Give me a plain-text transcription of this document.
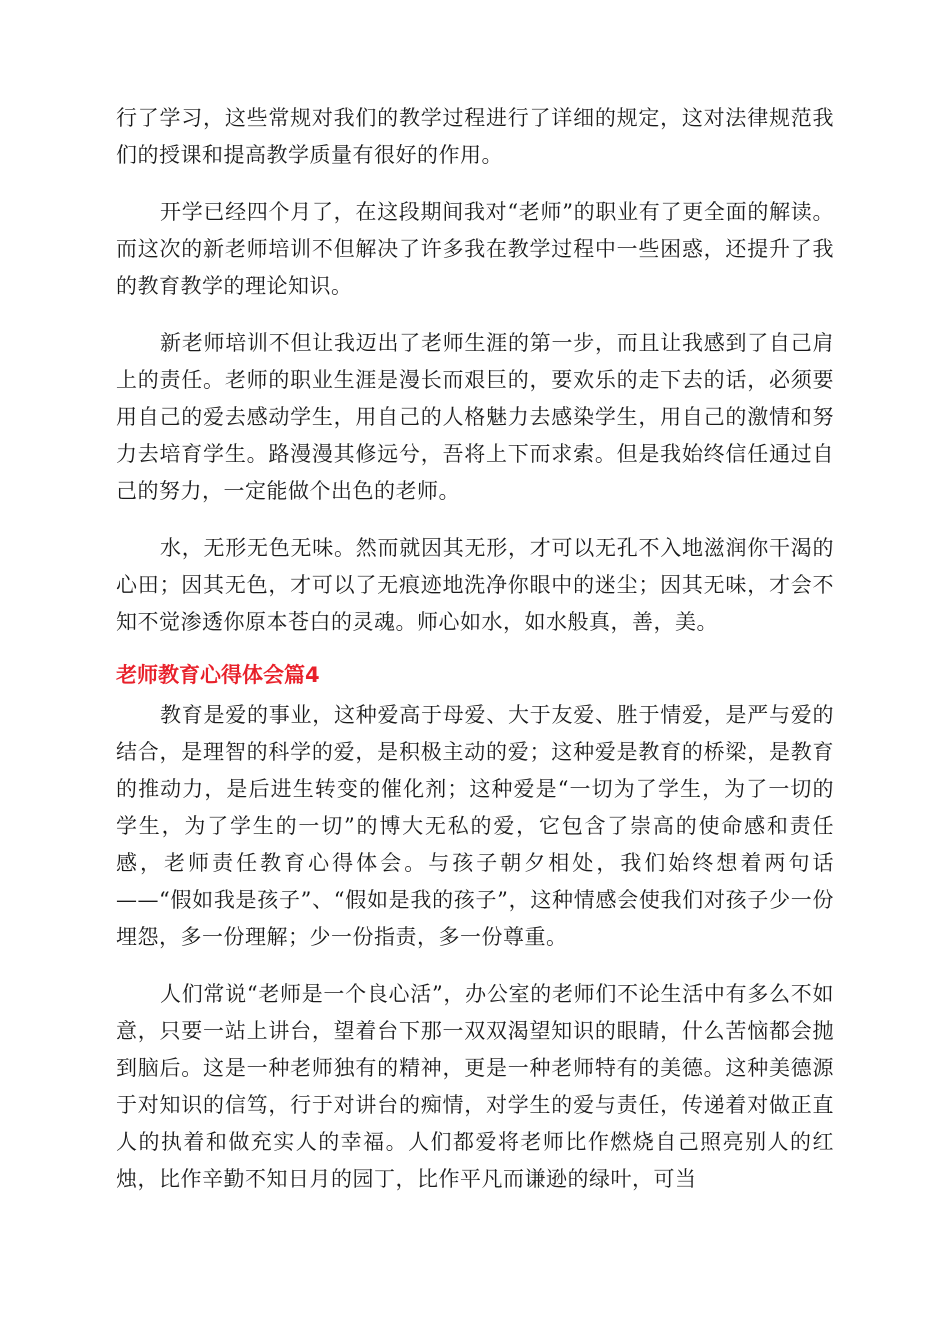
行了学习，这些常规对我们的教学过程进行了详细的规定，这对法律规范我们的授课和提高教学质量有很好的作用。

开学已经四个月了，在这段期间我对“老师”的职业有了更全面的解读。而这次的新老师培训不但解决了许多我在教学过程中一些困惑，还提升了我的教育教学的理论知识。

新老师培训不但让我迈出了老师生涯的第一步，而且让我感到了自己肩上的责任。老师的职业生涯是漫长而艰巨的，要欢乐的走下去的话，必须要用自己的爱去感动学生，用自己的人格魅力去感染学生，用自己的激情和努力去培育学生。路漫漫其修远兮，吾将上下而求索。但是我始终信任通过自己的努力，一定能做个出色的老师。

水，无形无色无味。然而就因其无形，才可以无孔不入地滋润你干渴的心田；因其无色，才可以了无痕迹地洗净你眼中的迷尘；因其无味，才会不知不觉渗透你原本苍白的灵魂。师心如水，如水般真，善，美。

老师教育心得体会篇4

教育是爱的事业，这种爱高于母爱、大于友爱、胜于情爱，是严与爱的结合，是理智的科学的爱，是积极主动的爱；这种爱是教育的桥梁，是教育的推动力，是后进生转变的催化剂；这种爱是“一切为了学生，为了一切的学生，为了学生的一切”的博大无私的爱，它包含了崇高的使命感和责任感，老师责任教育心得体会。与孩子朝夕相处，我们始终想着两句话——“假如我是孩子”、“假如是我的孩子”，这种情感会使我们对孩子少一份埋怨，多一份理解；少一份指责，多一份尊重。

人们常说“老师是一个良心活”，办公室的老师们不论生活中有多么不如意，只要一站上讲台，望着台下那一双双渴望知识的眼睛，什么苦恼都会抛到脑后。这是一种老师独有的精神，更是一种老师特有的美德。这种美德源于对知识的信笃，行于对讲台的痴情，对学生的爱与责任，传递着对做正直人的执着和做充实人的幸福。人们都爱将老师比作燃烧自己照亮别人的红烛，比作辛勤不知日月的园丁，比作平凡而谦逊的绿叶，可当
